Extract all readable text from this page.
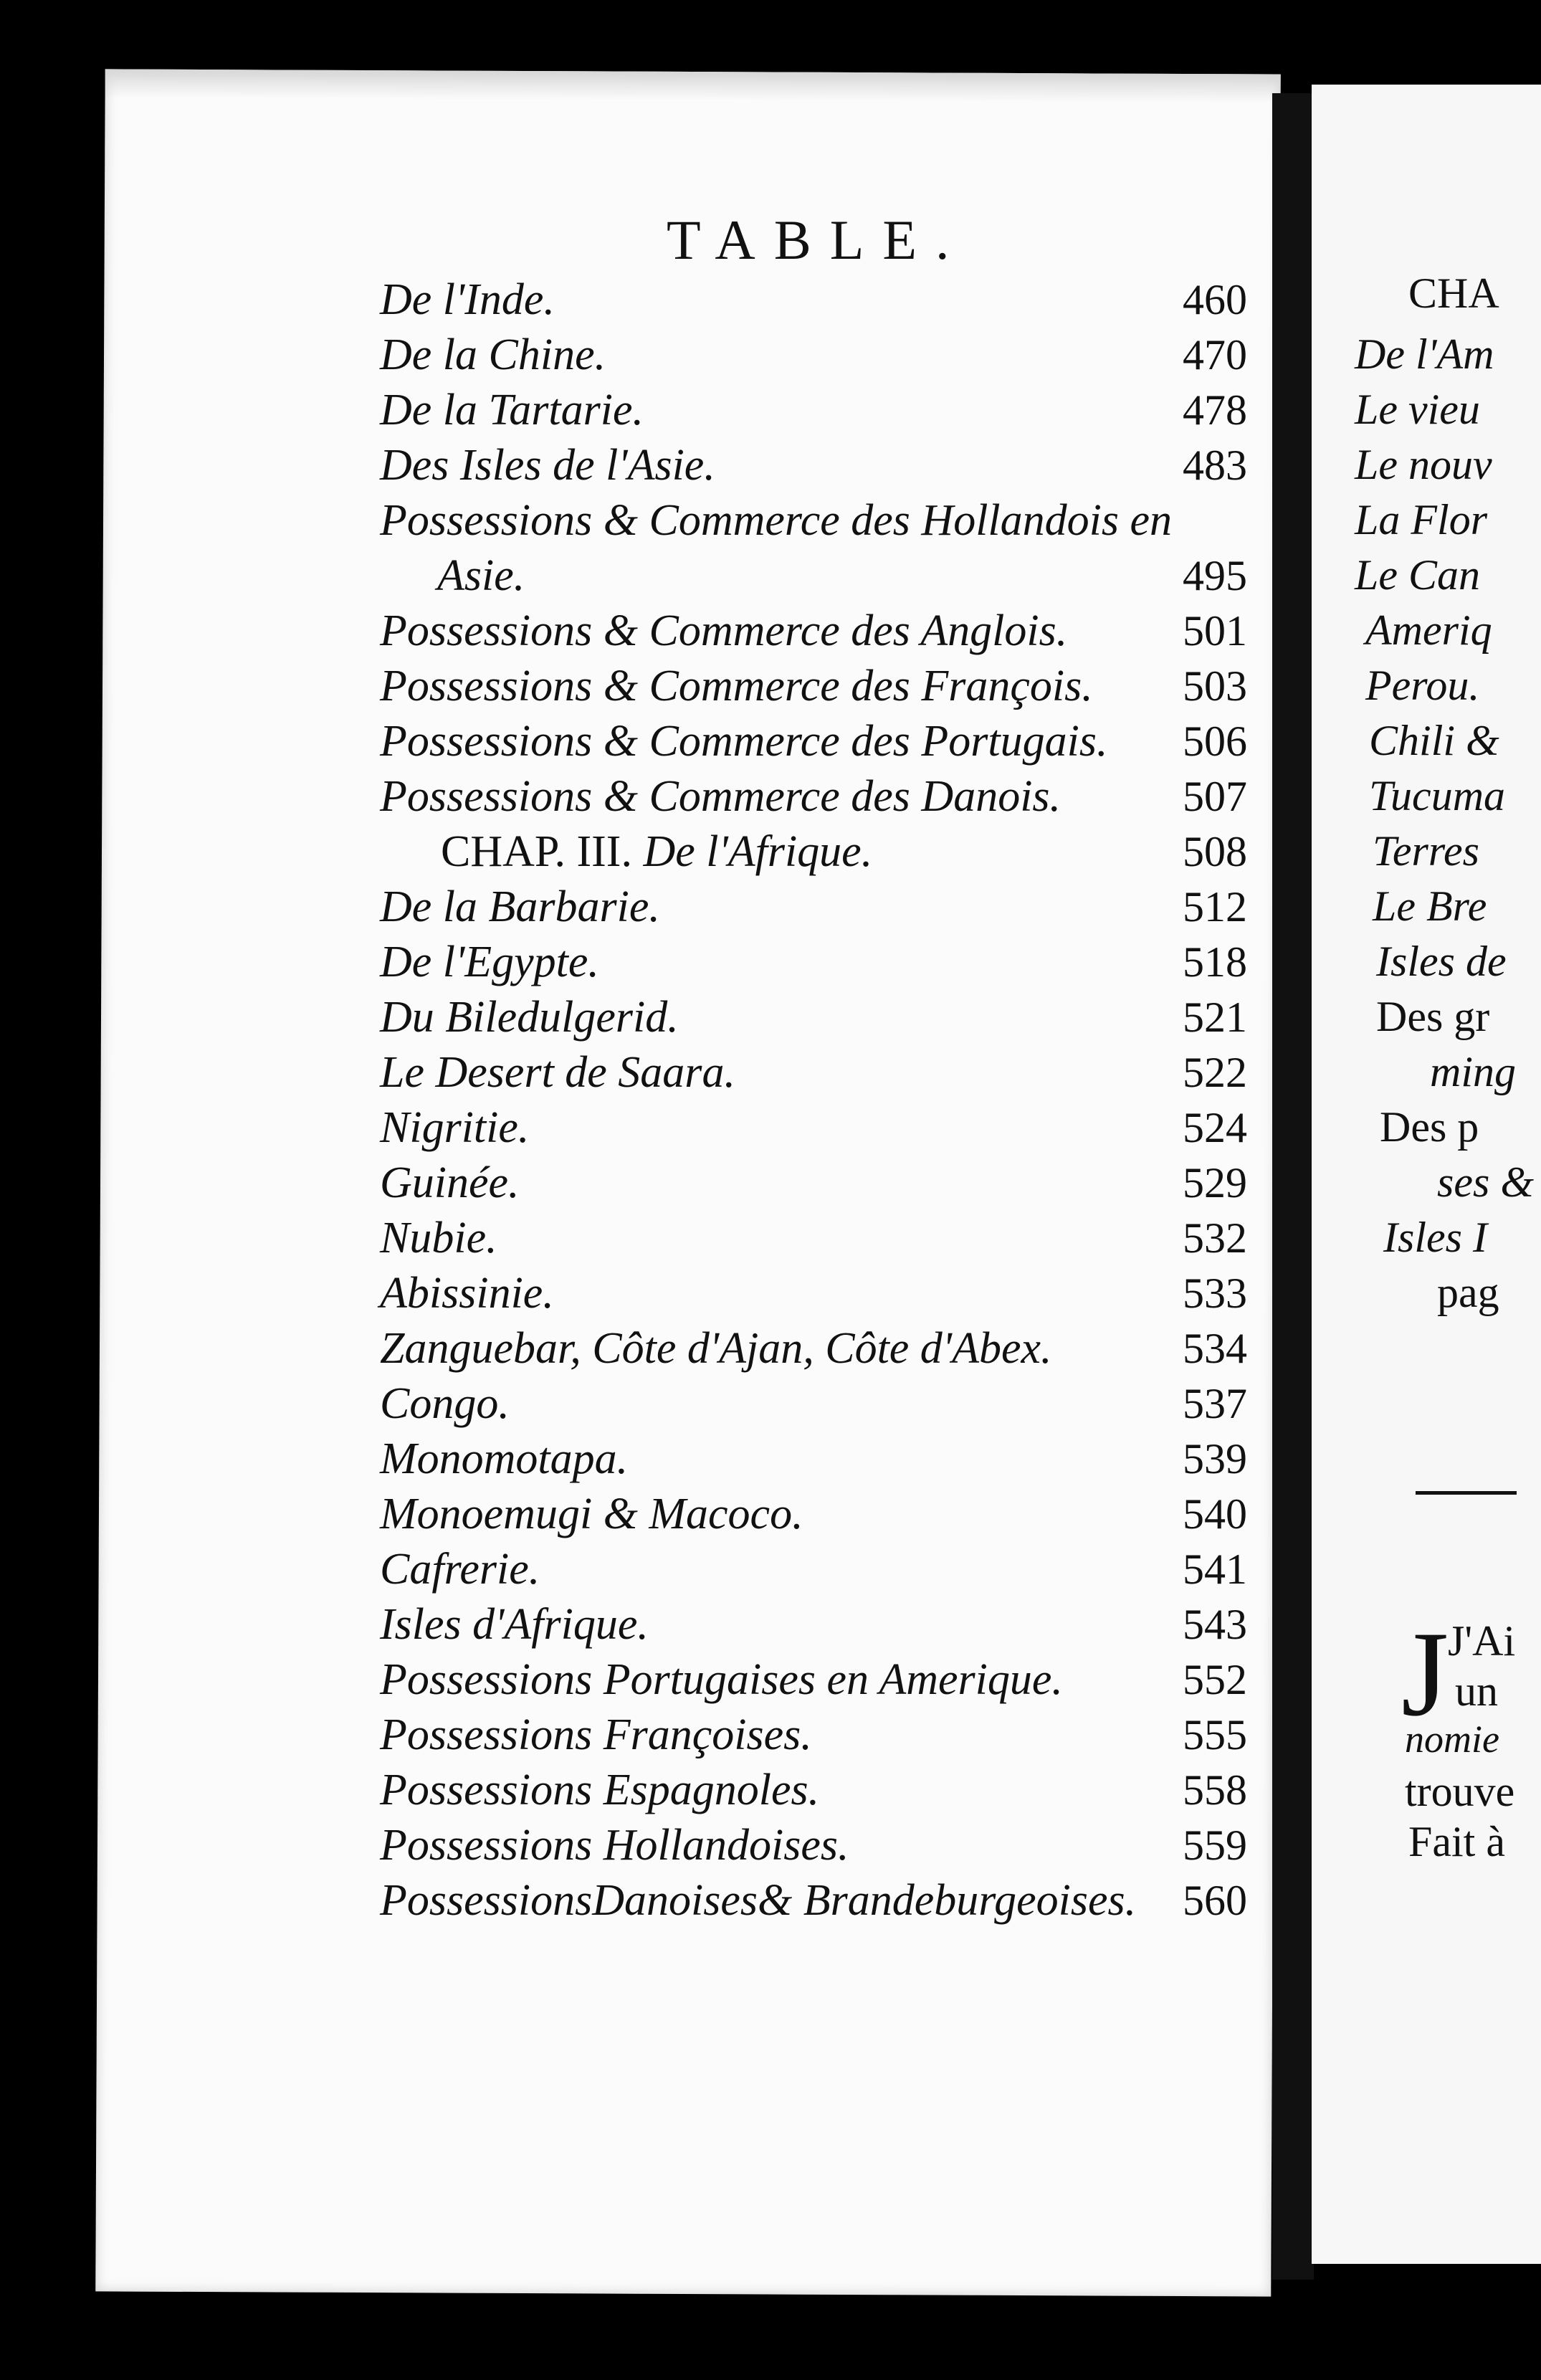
TABLE.
De l'Inde.	460
De la Chine.	470
De la Tartarie.	478
Des Isles de l'Asie.	483
Possessions & Commerce des Hollandois en
Asie.	495
Possessions & Commerce des Anglois.	501
Possessions & Commerce des François. 503
Possessions & Commerce des Portugais. 506
Possessions & Commerce des Danois.	507
CHAP. III. De l'Afrique.	508
De la Barbarie.	512
De l'Egypte.	518
Du Biledulgerid.	521
Le Desert de Saara.	522
Nigritie.	524
Guinée.	529
Nubie.	532
Abissinie.	533
Zanguebar, Côte d'Ajan, Côte d'Abex.	534
Congo.	537
Monomotapa.	539
Monoemugi & Macoco.	540
Cafrerie.	541
Isles d'Afrique.	543
Possessions Portugaises en Amerique.	552
Possessions Françoises.	555
Possessions Espagnoles.	558
Possessions Hollandoises.	559
PossessionsDanoises& Brandeburgeoises. 560
CHA
De l'Am
Le vieu
Le nouv
La Flor
Le Can
Ameriq
Perou.
Chili &
Tucuma
Terres
Le Bre
Isles de
Des gr
ming
Des p
ses &
Isles I
pag
J
J'Ai
un
nomie
trouve
Fait à
